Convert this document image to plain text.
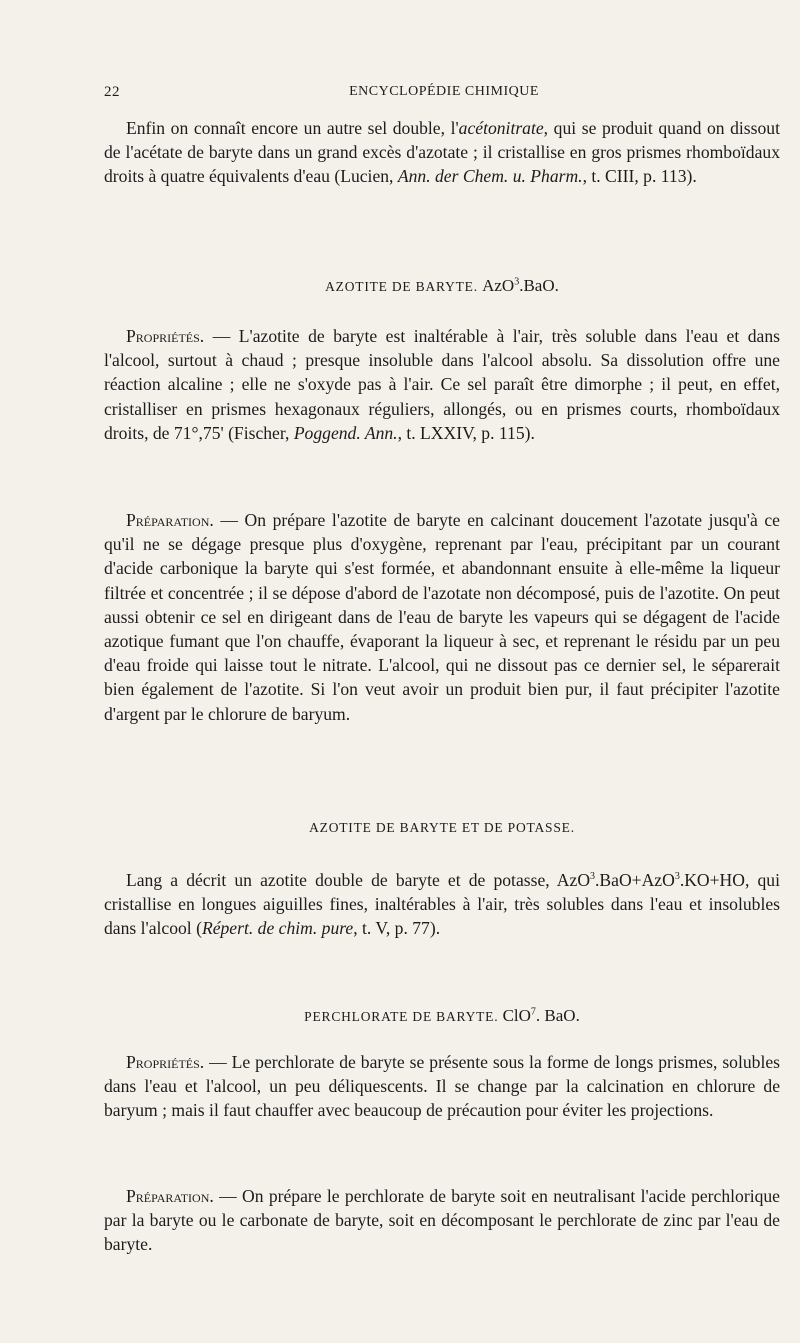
22	ENCYCLOPÉDIE CHIMIQUE

Enfin on connaît encore un autre sel double, l'acétonitrate, qui se produit quand on dissout de l'acétate de baryte dans un grand excès d'azotate ; il cristallise en gros prismes rhomboïdaux droits à quatre équivalents d'eau (Lucien, Ann. der Chem. u. Pharm., t. CIII, p. 113).

AZOTITE DE BARYTE. AzO$^3$.BaO.

Propriétés. — L'azotite de baryte est inaltérable à l'air, très soluble dans l'eau et dans l'alcool, surtout à chaud ; presque insoluble dans l'alcool absolu. Sa dissolution offre une réaction alcaline ; elle ne s'oxyde pas à l'air. Ce sel paraît être dimorphe ; il peut, en effet, cristalliser en prismes hexagonaux réguliers, allongés, ou en prismes courts, rhomboïdaux droits, de 71°,75' (Fischer, Poggend. Ann., t. LXXIV, p. 115).

Préparation. — On prépare l'azotite de baryte en calcinant doucement l'azotate jusqu'à ce qu'il ne se dégage presque plus d'oxygène, reprenant par l'eau, précipitant par un courant d'acide carbonique la baryte qui s'est formée, et abandonnant ensuite à elle-même la liqueur filtrée et concentrée ; il se dépose d'abord de l'azotate non décomposé, puis de l'azotite. On peut aussi obtenir ce sel en dirigeant dans de l'eau de baryte les vapeurs qui se dégagent de l'acide azotique fumant que l'on chauffe, évaporant la liqueur à sec, et reprenant le résidu par un peu d'eau froide qui laisse tout le nitrate. L'alcool, qui ne dissout pas ce dernier sel, le séparerait bien également de l'azotite. Si l'on veut avoir un produit bien pur, il faut précipiter l'azotite d'argent par le chlorure de baryum.

AZOTITE DE BARYTE ET DE POTASSE.

Lang a décrit un azotite double de baryte et de potasse, AzO$^3$.BaO+AzO$^3$.KO+HO, qui cristallise en longues aiguilles fines, inaltérables à l'air, très solubles dans l'eau et insolubles dans l'alcool (Répert. de chim. pure, t. V, p. 77).

PERCHLORATE DE BARYTE. ClO$^7$. BaO.

Propriétés. — Le perchlorate de baryte se présente sous la forme de longs prismes, solubles dans l'eau et l'alcool, un peu déliquescents. Il se change par la calcination en chlorure de baryum ; mais il faut chauffer avec beaucoup de précaution pour éviter les projections.

Préparation. — On prépare le perchlorate de baryte soit en neutralisant l'acide perchlorique par la baryte ou le carbonate de baryte, soit en décomposant le perchlorate de zinc par l'eau de baryte.
